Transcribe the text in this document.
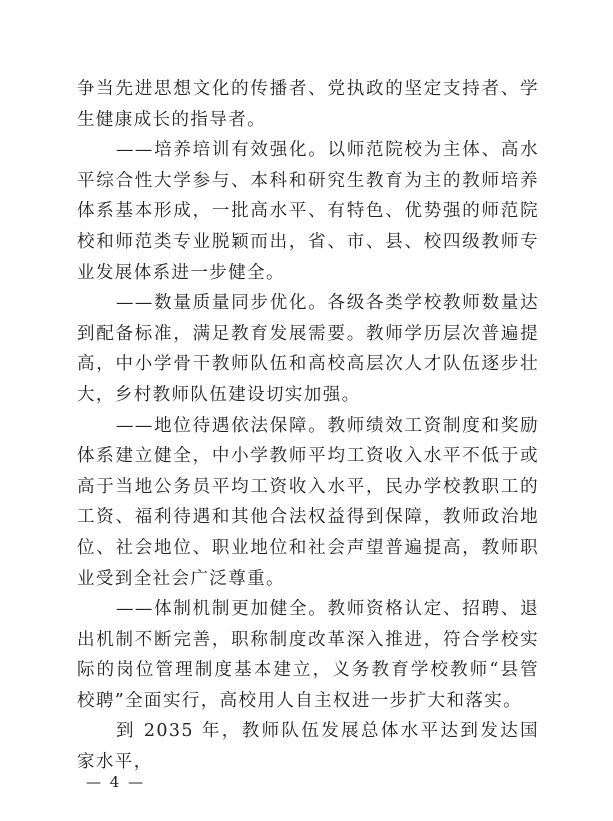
争当先进思想文化的传播者、党执政的坚定支持者、学生健康成长的指导者。

——培养培训有效强化。以师范院校为主体、高水平综合性大学参与、本科和研究生教育为主的教师培养体系基本形成，一批高水平、有特色、优势强的师范院校和师范类专业脱颖而出，省、市、县、校四级教师专业发展体系进一步健全。

——数量质量同步优化。各级各类学校教师数量达到配备标准，满足教育发展需要。教师学历层次普遍提高，中小学骨干教师队伍和高校高层次人才队伍逐步壮大，乡村教师队伍建设切实加强。

——地位待遇依法保障。教师绩效工资制度和奖励体系建立健全，中小学教师平均工资收入水平不低于或高于当地公务员平均工资收入水平，民办学校教职工的工资、福利待遇和其他合法权益得到保障，教师政治地位、社会地位、职业地位和社会声望普遍提高，教师职业受到全社会广泛尊重。

——体制机制更加健全。教师资格认定、招聘、退出机制不断完善，职称制度改革深入推进，符合学校实际的岗位管理制度基本建立，义务教育学校教师“县管校聘”全面实行，高校用人自主权进一步扩大和落实。

到 2035 年，教师队伍发展总体水平达到发达国家水平，

— 4 —
